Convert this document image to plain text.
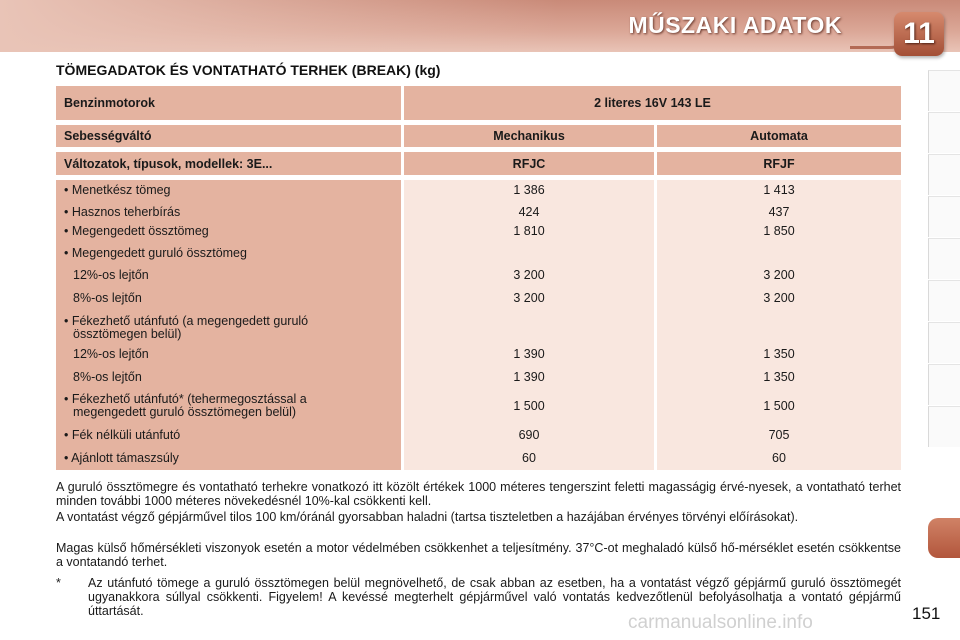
MŰSZAKI ADATOK	11
TÖMEGADATOK ÉS VONTATHATÓ TERHEK (BREAK) (kg)
Benzinmotorok	2 literes 16V 143 LE
Sebességváltó	Mechanikus	Automata
Változatok, típusok, modellek: 3E...	RFJC	RFJF
• Menetkész tömeg	1 386	1 413
• Hasznos teherbírás	424	437
• Megengedett össztömeg	1 810	1 850
• Megengedett guruló össztömeg
12%-os lejtőn	3 200	3 200
8%-os lejtőn	3 200	3 200
• Fékezhető utánfutó (a megengedett guruló
össztömegen belül)
12%-os lejtőn	1 390	1 350
8%-os lejtőn	1 390	1 350
• Fékezhető utánfutó* (tehermegosztással a
megengedett guruló össztömegen belül)	1 500	1 500
• Fék nélküli utánfutó	690	705
• Ajánlott támaszsúly	60	60
A guruló össztömegre és vontatható terhekre vonatkozó itt közölt értékek 1000 méteres tengerszint feletti magasságig érvé-nyesek, a vontatható terhet minden további 1000 méteres növekedésnél 10%-kal csökkenti kell.
A vontatást végző gépjárművel tilos 100 km/óránál gyorsabban haladni (tartsa tiszteletben a hazájában érvényes törvényi előírásokat).
Magas külső hőmérsékleti viszonyok esetén a motor védelmében csökkenhet a teljesítmény. 37°C-ot meghaladó külső hő-mérséklet esetén csökkentse a vontatandó terhet.
* Az utánfutó tömege a guruló össztömegen belül megnövelhető, de csak abban az esetben, ha a vontatást végző gépjármű guruló össztömegét ugyanakkora súllyal csökkenti. Figyelem! A kevéssé megterhelt gépjárművel való vontatás kedvezőtlenül befolyásolhatja a vontató gépjármű úttartását.
carmanualsonline.info	151
